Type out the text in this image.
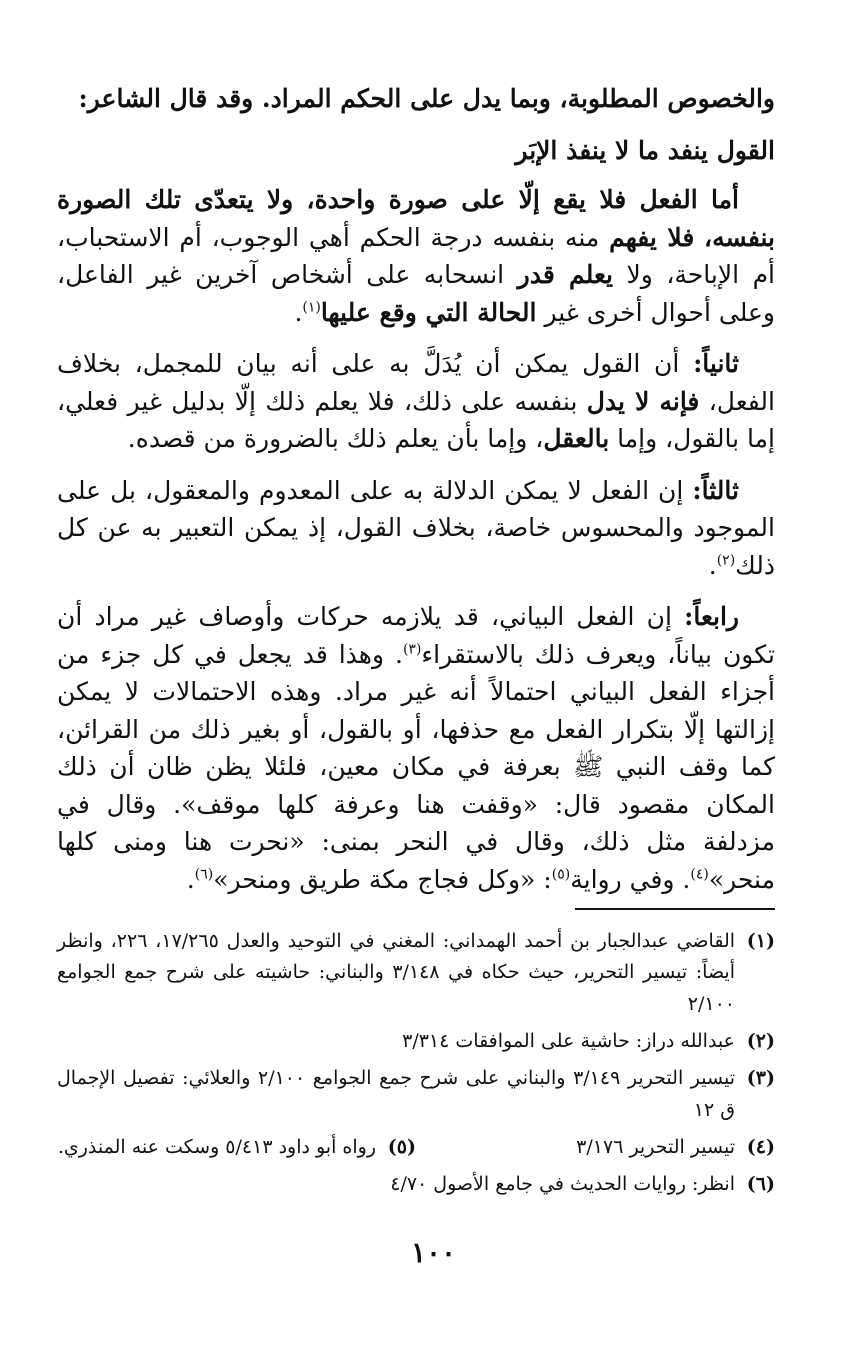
والخصوص المطلوبة، وبما يدل على الحكم المراد. وقد قال الشاعر:

القول ينفد ما لا ينفذ الإبَر

أما الفعل فلا يقع إلّا على صورة واحدة، ولا يتعدّى تلك الصورة بنفسه، فلا يفهم منه بنفسه درجة الحكم أهي الوجوب، أم الاستحباب، أم الإباحة، ولا يعلم قدر انسحابه على أشخاص آخرين غير الفاعل، وعلى أحوال أخرى غير الحالة التي وقع عليها$^{(١)}$.

ثانياً: أن القول يمكن أن يُدَلَّ به على أنه بيان للمجمل، بخلاف الفعل، فإنه لا يدل بنفسه على ذلك، فلا يعلم ذلك إلّا بدليل غير فعلي، إما بالقول، وإما بالعقل، وإما بأن يعلم ذلك بالضرورة من قصده.

ثالثاً: إن الفعل لا يمكن الدلالة به على المعدوم والمعقول، بل على الموجود والمحسوس خاصة، بخلاف القول، إذ يمكن التعبير به عن كل ذلك$^{(٢)}$.

رابعاً: إن الفعل البياني، قد يلازمه حركات وأوصاف غير مراد أن تكون بياناً، ويعرف ذلك بالاستقراء$^{(٣)}$. وهذا قد يجعل في كل جزء من أجزاء الفعل البياني احتمالاً أنه غير مراد. وهذه الاحتمالات لا يمكن إزالتها إلّا بتكرار الفعل مع حذفها، أو بالقول، أو بغير ذلك من القرائن، كما وقف النبي ﷺ بعرفة في مكان معين، فلئلا يظن ظان أن ذلك المكان مقصود قال: «وقفت هنا وعرفة كلها موقف». وقال في مزدلفة مثل ذلك، وقال في النحر بمنى: «نحرت هنا ومنى كلها منحر»$^{(٤)}$. وفي رواية$^{(٥)}$: «وكل فجاج مكة طريق ومنحر»$^{(٦)}$.

(١)
القاضي عبدالجبار بن أحمد الهمداني: المغني في التوحيد والعدل ١٧/٢٦٥، ٢٢٦، وانظر أيضاً: تيسير التحرير، حيث حكاه في ٣/١٤٨ والبناني: حاشيته على شرح جمع الجوامع ٢/١٠٠
(٢)
عبدالله دراز: حاشية على الموافقات ٣/٣١٤
(٣)
تيسير التحرير ٣/١٤٩ والبناني على شرح جمع الجوامع ٢/١٠٠ والعلائي: تفصيل الإجمال ق ١٢
(٤)
تيسير التحرير ٣/١٧٦
(٥)
رواه أبو داود ٥/٤١٣ وسكت عنه المنذري.
(٦)
انظر: روايات الحديث في جامع الأصول ٤/٧٠
١٠٠
